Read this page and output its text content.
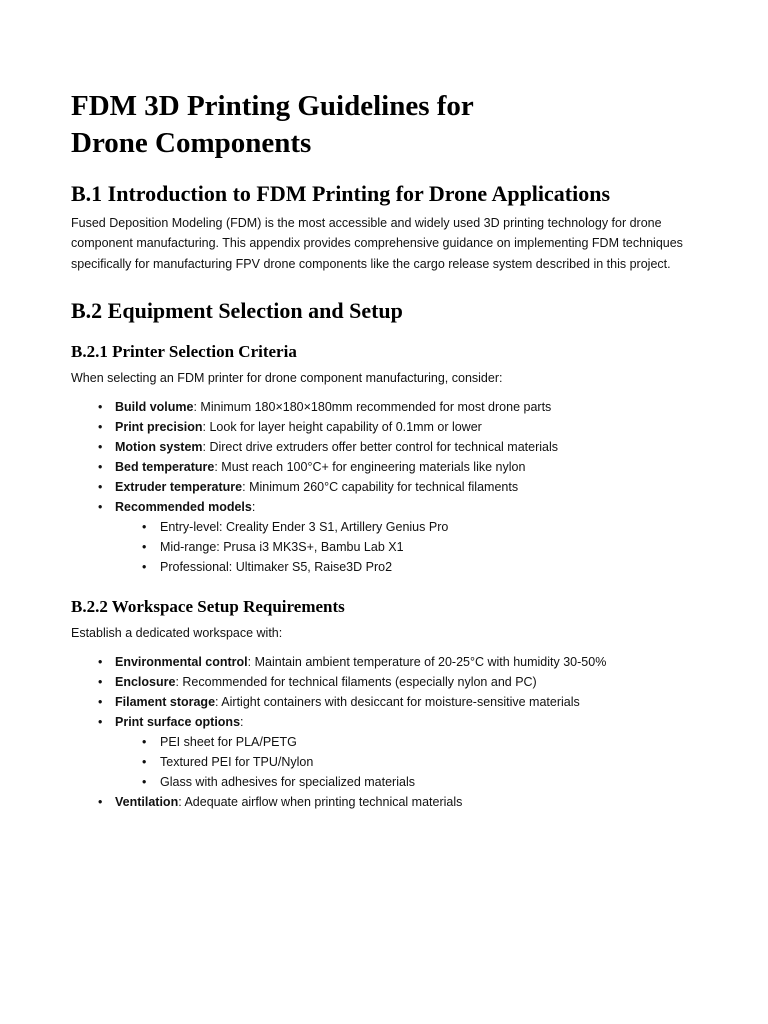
FDM 3D Printing Guidelines for
Drone Components
B.1 Introduction to FDM Printing for Drone Applications
Fused Deposition Modeling (FDM) is the most accessible and widely used 3D printing technology for drone
component manufacturing. This appendix provides comprehensive guidance on implementing FDM techniques
specifically for manufacturing FPV drone components like the cargo release system described in this project.
B.2 Equipment Selection and Setup
B.2.1 Printer Selection Criteria
When selecting an FDM printer for drone component manufacturing, consider:
• Build volume: Minimum 180×180×180mm recommended for most drone parts
• Print precision: Look for layer height capability of 0.1mm or lower
• Motion system: Direct drive extruders offer better control for technical materials
• Bed temperature: Must reach 100°C+ for engineering materials like nylon
• Extruder temperature: Minimum 260°C capability for technical filaments
• Recommended models:
• Entry-level: Creality Ender 3 S1, Artillery Genius Pro
• Mid-range: Prusa i3 MK3S+, Bambu Lab X1
• Professional: Ultimaker S5, Raise3D Pro2
B.2.2 Workspace Setup Requirements
Establish a dedicated workspace with:
• Environmental control: Maintain ambient temperature of 20-25°C with humidity 30-50%
• Enclosure: Recommended for technical filaments (especially nylon and PC)
• Filament storage: Airtight containers with desiccant for moisture-sensitive materials
• Print surface options:
• PEI sheet for PLA/PETG
• Textured PEI for TPU/Nylon
• Glass with adhesives for specialized materials
• Ventilation: Adequate airflow when printing technical materials
